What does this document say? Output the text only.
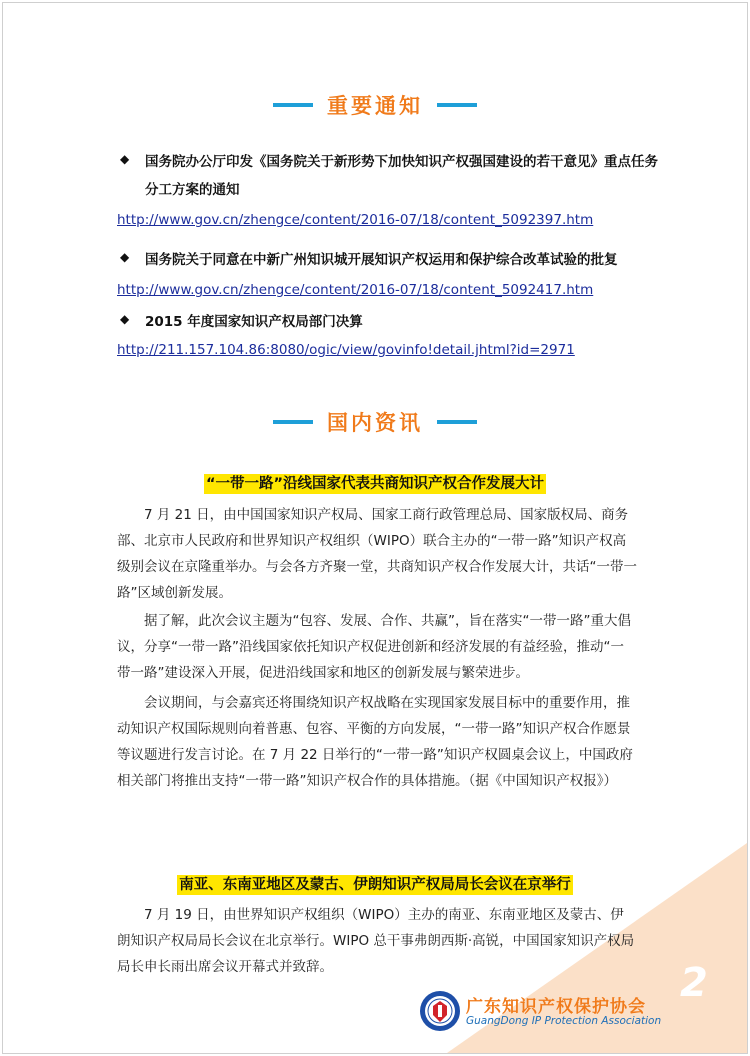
重要通知
◆ 国务院办公厅印发《国务院关于新形势下加快知识产权强国建设的若干意见》重点任务
分工方案的通知
http://www.gov.cn/zhengce/content/2016-07/18/content_5092397.htm
◆ 国务院关于同意在中新广州知识城开展知识产权运用和保护综合改革试验的批复
http://www.gov.cn/zhengce/content/2016-07/18/content_5092417.htm
◆ 2015 年度国家知识产权局部门决算
http://211.157.104.86:8080/ogic/view/govinfo!detail.jhtml?id=2971
国内资讯
“一带一路”沿线国家代表共商知识产权合作发展大计

7 月 21 日，由中国国家知识产权局、国家工商行政管理总局、国家版权局、商务部、北京市人民政府和世界知识产权组织（WIPO）联合主办的“一带一路”知识产权高级别会议在京隆重举办。与会各方齐聚一堂，共商知识产权合作发展大计，共话“一带一路”区域创新发展。

据了解，此次会议主题为“包容、发展、合作、共赢”，旨在落实“一带一路”重大倡议，分享“一带一路”沿线国家依托知识产权促进创新和经济发展的有益经验，推动“一带一路”建设深入开展，促进沿线国家和地区的创新发展与繁荣进步。

会议期间，与会嘉宾还将围绕知识产权战略在实现国家发展目标中的重要作用，推动知识产权国际规则向着普惠、包容、平衡的方向发展，“一带一路”知识产权合作愿景等议题进行发言讨论。在 7 月 22 日举行的“一带一路”知识产权圆桌会议上，中国政府相关部门将推出支持“一带一路”知识产权合作的具体措施。（据《中国知识产权报》）

南亚、东南亚地区及蒙古、伊朗知识产权局局长会议在京举行

7 月 19 日，由世界知识产权组织（WIPO）主办的南亚、东南亚地区及蒙古、伊朗知识产权局局长会议在北京举行。WIPO 总干事弗朗西斯·高锐，中国国家知识产权局局长申长雨出席会议开幕式并致辞。

广东知识产权保护协会
GuangDong IP Protection Association
2
